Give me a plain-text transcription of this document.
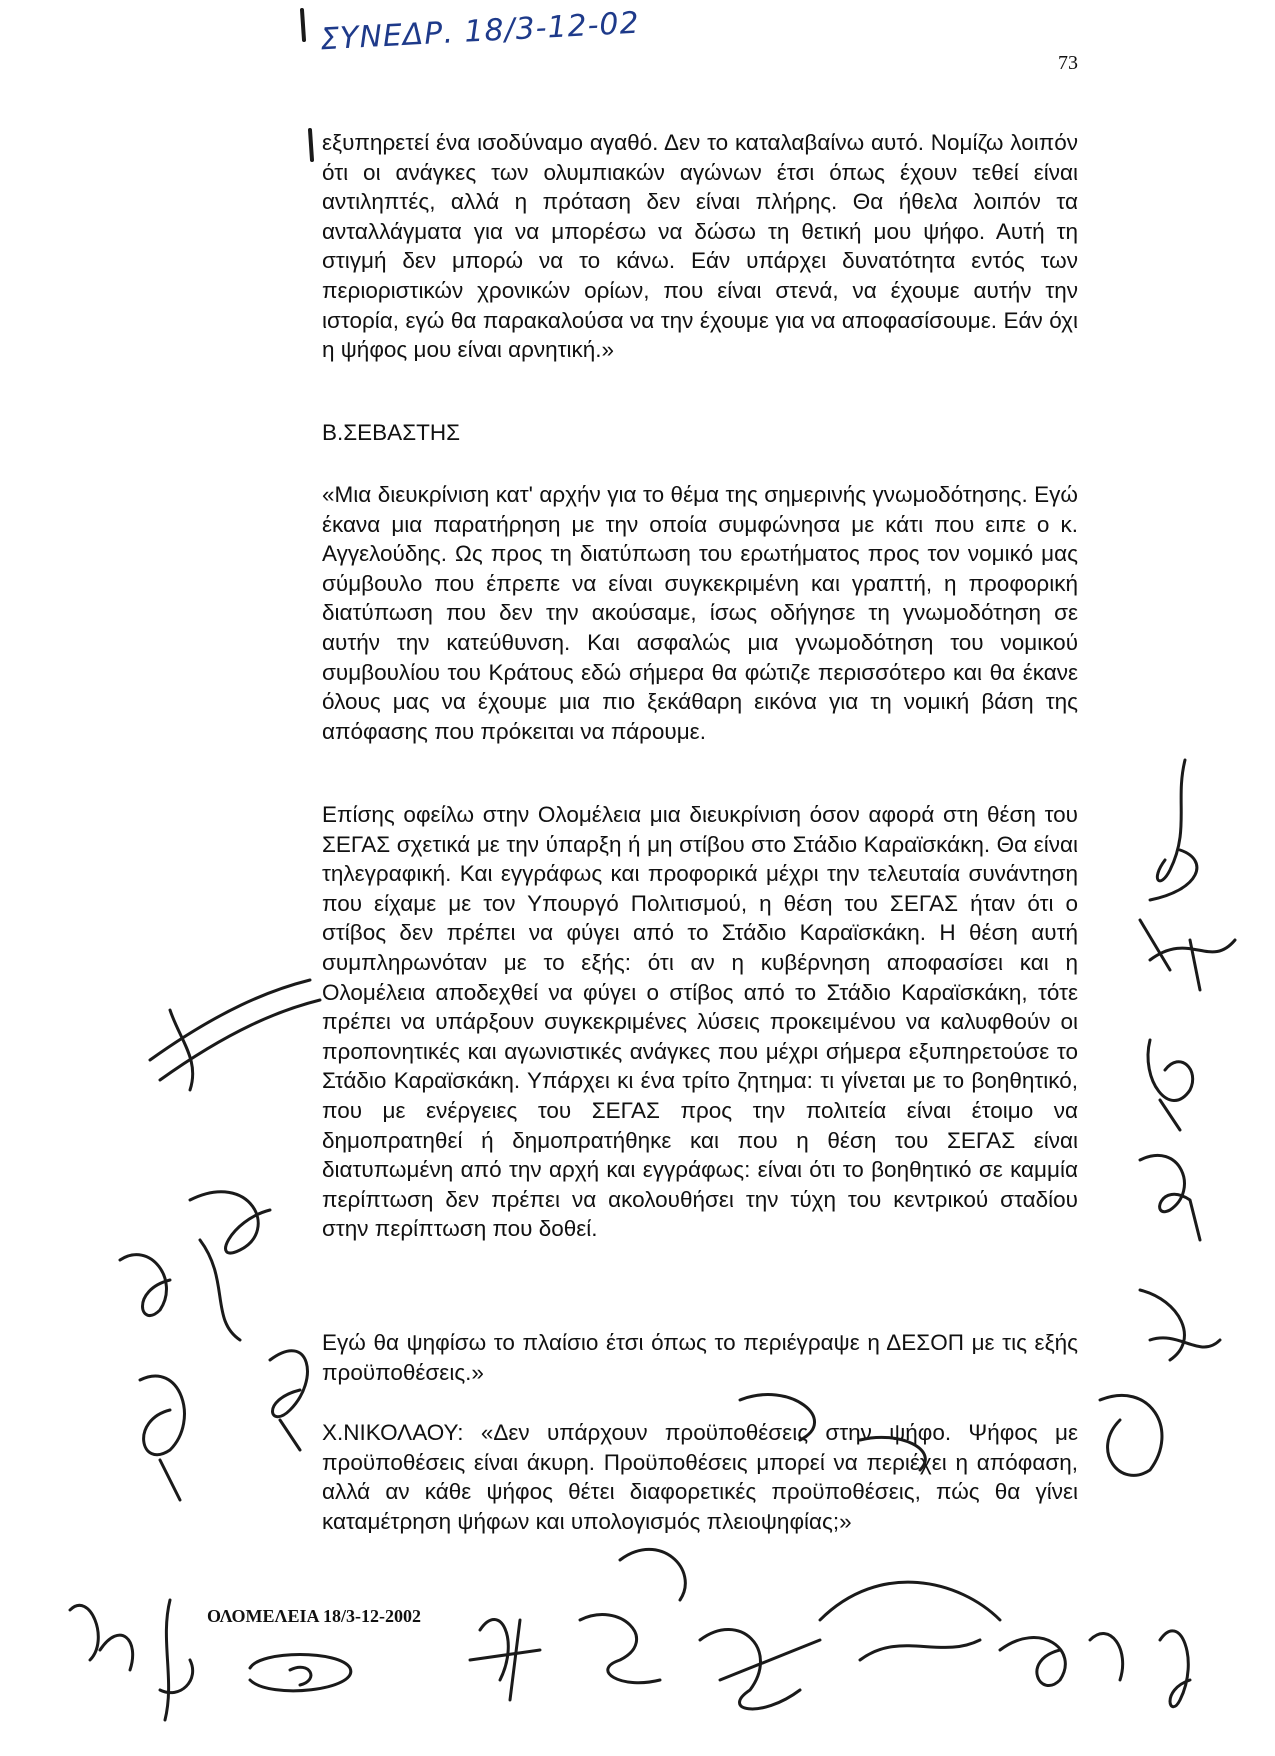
ΣΥΝΕΔΡ. 18/3-12-02
73

εξυπηρετεί ένα ισοδύναμο αγαθό. Δεν το καταλαβαίνω αυτό. Νομίζω λοιπόν ότι οι ανάγκες των ολυμπιακών αγώνων έτσι όπως έχουν τεθεί είναι αντιληπτές, αλλά η πρόταση δεν είναι πλήρης. Θα ήθελα λοιπόν τα ανταλλάγματα για να μπορέσω να δώσω τη θετική μου ψήφο. Αυτή τη στιγμή δεν μπορώ να το κάνω. Εάν υπάρχει δυνατότητα εντός των περιοριστικών χρονικών ορίων, που είναι στενά, να έχουμε αυτήν την ιστορία, εγώ θα παρακαλούσα να την έχουμε για να αποφασίσουμε. Εάν όχι η ψήφος μου είναι αρνητική.»

Β.ΣΕΒΑΣΤΗΣ

«Μια διευκρίνιση κατ' αρχήν για το θέμα της σημερινής γνωμοδότησης. Εγώ έκανα μια παρατήρηση με την οποία συμφώνησα με κάτι που ειπε ο κ. Αγγελούδης. Ως προς τη διατύπωση του ερωτήματος προς τον νομικό μας σύμβουλο που έπρεπε να είναι συγκεκριμένη και γραπτή, η προφορική διατύπωση που δεν την ακούσαμε, ίσως οδήγησε τη γνωμοδότηση σε αυτήν την κατεύθυνση. Και ασφαλώς μια γνωμοδότηση του νομικού συμβουλίου του Κράτους εδώ σήμερα θα φώτιζε περισσότερο και θα έκανε όλους μας να έχουμε μια πιο ξεκάθαρη εικόνα για τη νομική βάση της απόφασης που πρόκειται να πάρουμε.

Επίσης οφείλω στην Ολομέλεια μια διευκρίνιση όσον αφορά στη θέση του ΣΕΓΑΣ σχετικά με την ύπαρξη ή μη στίβου στο Στάδιο Καραϊσκάκη. Θα είναι τηλεγραφική. Και εγγράφως και προφορικά μέχρι την τελευταία συνάντηση που είχαμε με τον Υπουργό Πολιτισμού, η θέση του ΣΕΓΑΣ ήταν ότι ο στίβος δεν πρέπει να φύγει από το Στάδιο Καραϊσκάκη. Η θέση αυτή συμπληρωνόταν με το εξής: ότι αν η κυβέρνηση αποφασίσει και η Ολομέλεια αποδεχθεί να φύγει ο στίβος από το Στάδιο Καραϊσκάκη, τότε πρέπει να υπάρξουν συγκεκριμένες λύσεις προκειμένου να καλυφθούν οι προπονητικές και αγωνιστικές ανάγκες που μέχρι σήμερα εξυπηρετούσε το Στάδιο Καραϊσκάκη. Υπάρχει κι ένα τρίτο ζητημα: τι γίνεται με το βοηθητικό, που με ενέργειες του ΣΕΓΑΣ προς την πολιτεία είναι έτοιμο να δημοπρατηθεί ή δημοπρατήθηκε και που η θέση του ΣΕΓΑΣ είναι διατυπωμένη από την αρχή και εγγράφως: είναι ότι το βοηθητικό σε καμμία περίπτωση δεν πρέπει να ακολουθήσει την τύχη του κεντρικού σταδίου στην περίπτωση που δοθεί.

Εγώ θα ψηφίσω το πλαίσιο έτσι όπως το περιέγραψε η ΔΕΣΟΠ με τις εξής προϋποθέσεις.»

Χ.ΝΙΚΟΛΑΟΥ: «Δεν υπάρχουν προϋποθέσεις στην ψήφο. Ψήφος με προϋποθέσεις είναι άκυρη. Προϋποθέσεις μπορεί να περιέχει η απόφαση, αλλά αν κάθε ψήφος θέτει διαφορετικές προϋποθέσεις, πώς θα γίνει καταμέτρηση ψήφων και υπολογισμός πλειοψηφίας;»

ΟΛΟΜΕΛΕΙΑ 18/3-12-2002
